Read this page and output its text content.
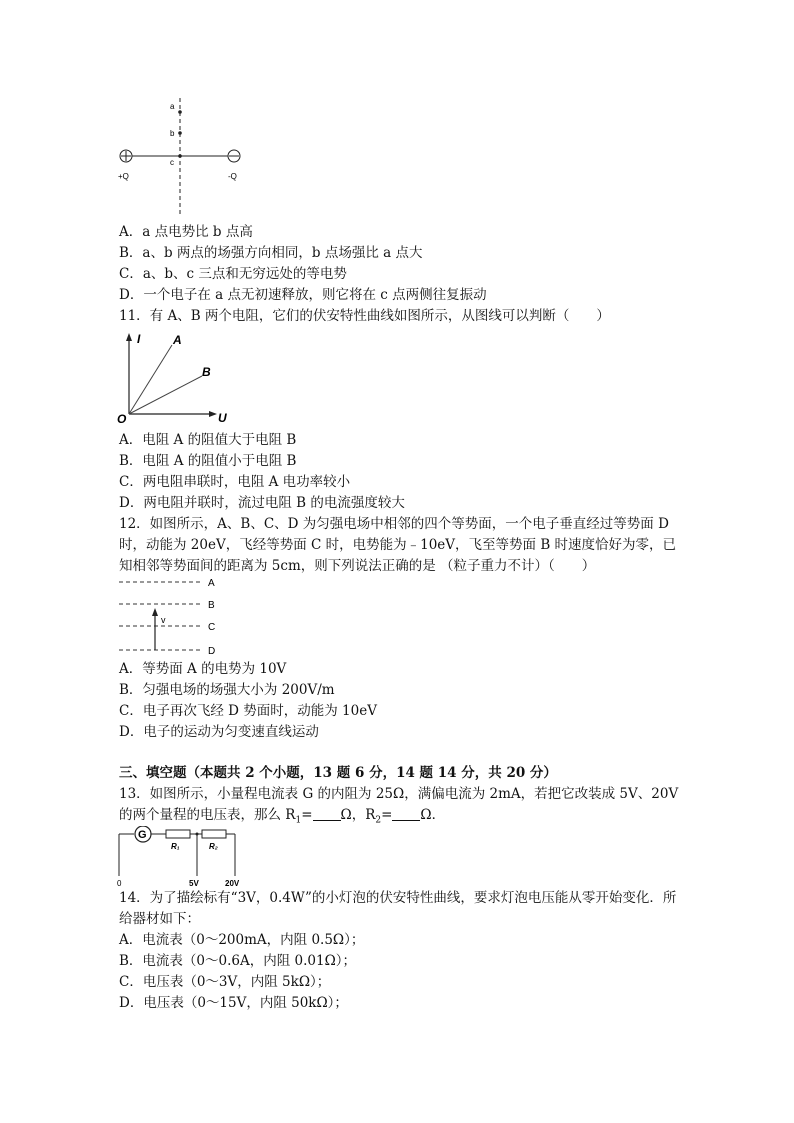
a
b
c
+Q	-Q
A．a 点电势比 b 点高
B．a、b 两点的场强方向相同，b 点场强比 a 点大
C．a、b、c 三点和无穷远处的等电势
D．一个电子在 a 点无初速释放，则它将在 c 点两侧往复振动
11．有 A、B 两个电阻，它们的伏安特性曲线如图所示，从图线可以判断（　　）
I	A
B
O	U
A．电阻 A 的阻值大于电阻 B
B．电阻 A 的阻值小于电阻 B
C．两电阻串联时，电阻 A 电功率较小
D．两电阻并联时，流过电阻 B 的电流强度较大
12．如图所示，A、B、C、D 为匀强电场中相邻的四个等势面，一个电子垂直经过等势面 D
时，动能为 20eV，飞经等势面 C 时，电势能为﹣10eV，飞至等势面 B 时速度恰好为零，已
知相邻等势面间的距离为 5cm，则下列说法正确的是 （粒子重力不计）（　　）
A
B
C
D
v
A．等势面 A 的电势为 10V
B．匀强电场的场强大小为 200V/m
C．电子再次飞经 D 势面时，动能为 10eV
D．电子的运动为匀变速直线运动
三、填空题（本题共 2 个小题，13 题 6 分，14 题 14 分，共 20 分）
13．如图所示，小量程电流表 G 的内阻为 25Ω，满偏电流为 2mA，若把它改装成 5V、20V
的两个量程的电压表，那么 $R_1= \Omega$，$R_2= \Omega$．
G
R₁	R₂
0	5V	20V
14．为了描绘标有“3V，0.4W”的小灯泡的伏安特性曲线，要求灯泡电压能从零开始变化．所
给器材如下：
A．电流表（0～200mA，内阻 0.5Ω）；
B．电流表（0～0.6A，内阻 0.01Ω）；
C．电压表（0～3V，内阻 5kΩ）；
D．电压表（0～15V，内阻 50kΩ）；
